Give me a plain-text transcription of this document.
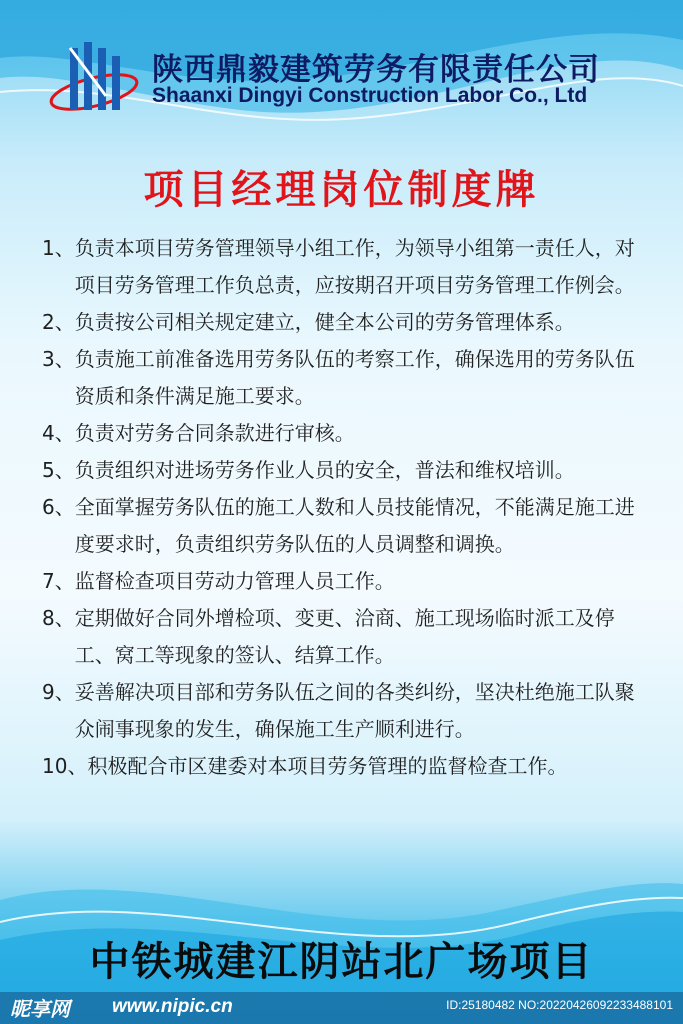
陕西鼎毅建筑劳务有限责任公司
Shaanxi Dingyi Construction Labor Co., Ltd
项目经理岗位制度牌
1、 负责本项目劳务管理领导小组工作，为领导小组第一责任人，对项目劳务管理工作负总责，应按期召开项目劳务管理工作例会。
2、 负责按公司相关规定建立，健全本公司的劳务管理体系。
3、 负责施工前准备选用劳务队伍的考察工作，确保选用的劳务队伍资质和条件满足施工要求。
4、 负责对劳务合同条款进行审核。
5、 负责组织对进场劳务作业人员的安全，普法和维权培训。
6、 全面掌握劳务队伍的施工人数和人员技能情况，不能满足施工进度要求时，负责组织劳务队伍的人员调整和调换。
7、 监督检查项目劳动力管理人员工作。
8、 定期做好合同外增检项、变更、洽商、施工现场临时派工及停工、窝工等现象的签认、结算工作。
9、 妥善解决项目部和劳务队伍之间的各类纠纷，坚决杜绝施工队聚众闹事现象的发生，确保施工生产顺利进行。
10、 积极配合市区建委对本项目劳务管理的监督检查工作。
中铁城建江阴站北广场项目
昵享网 www.nipic.cn	ID:25180482 NO:20220426092233488101
